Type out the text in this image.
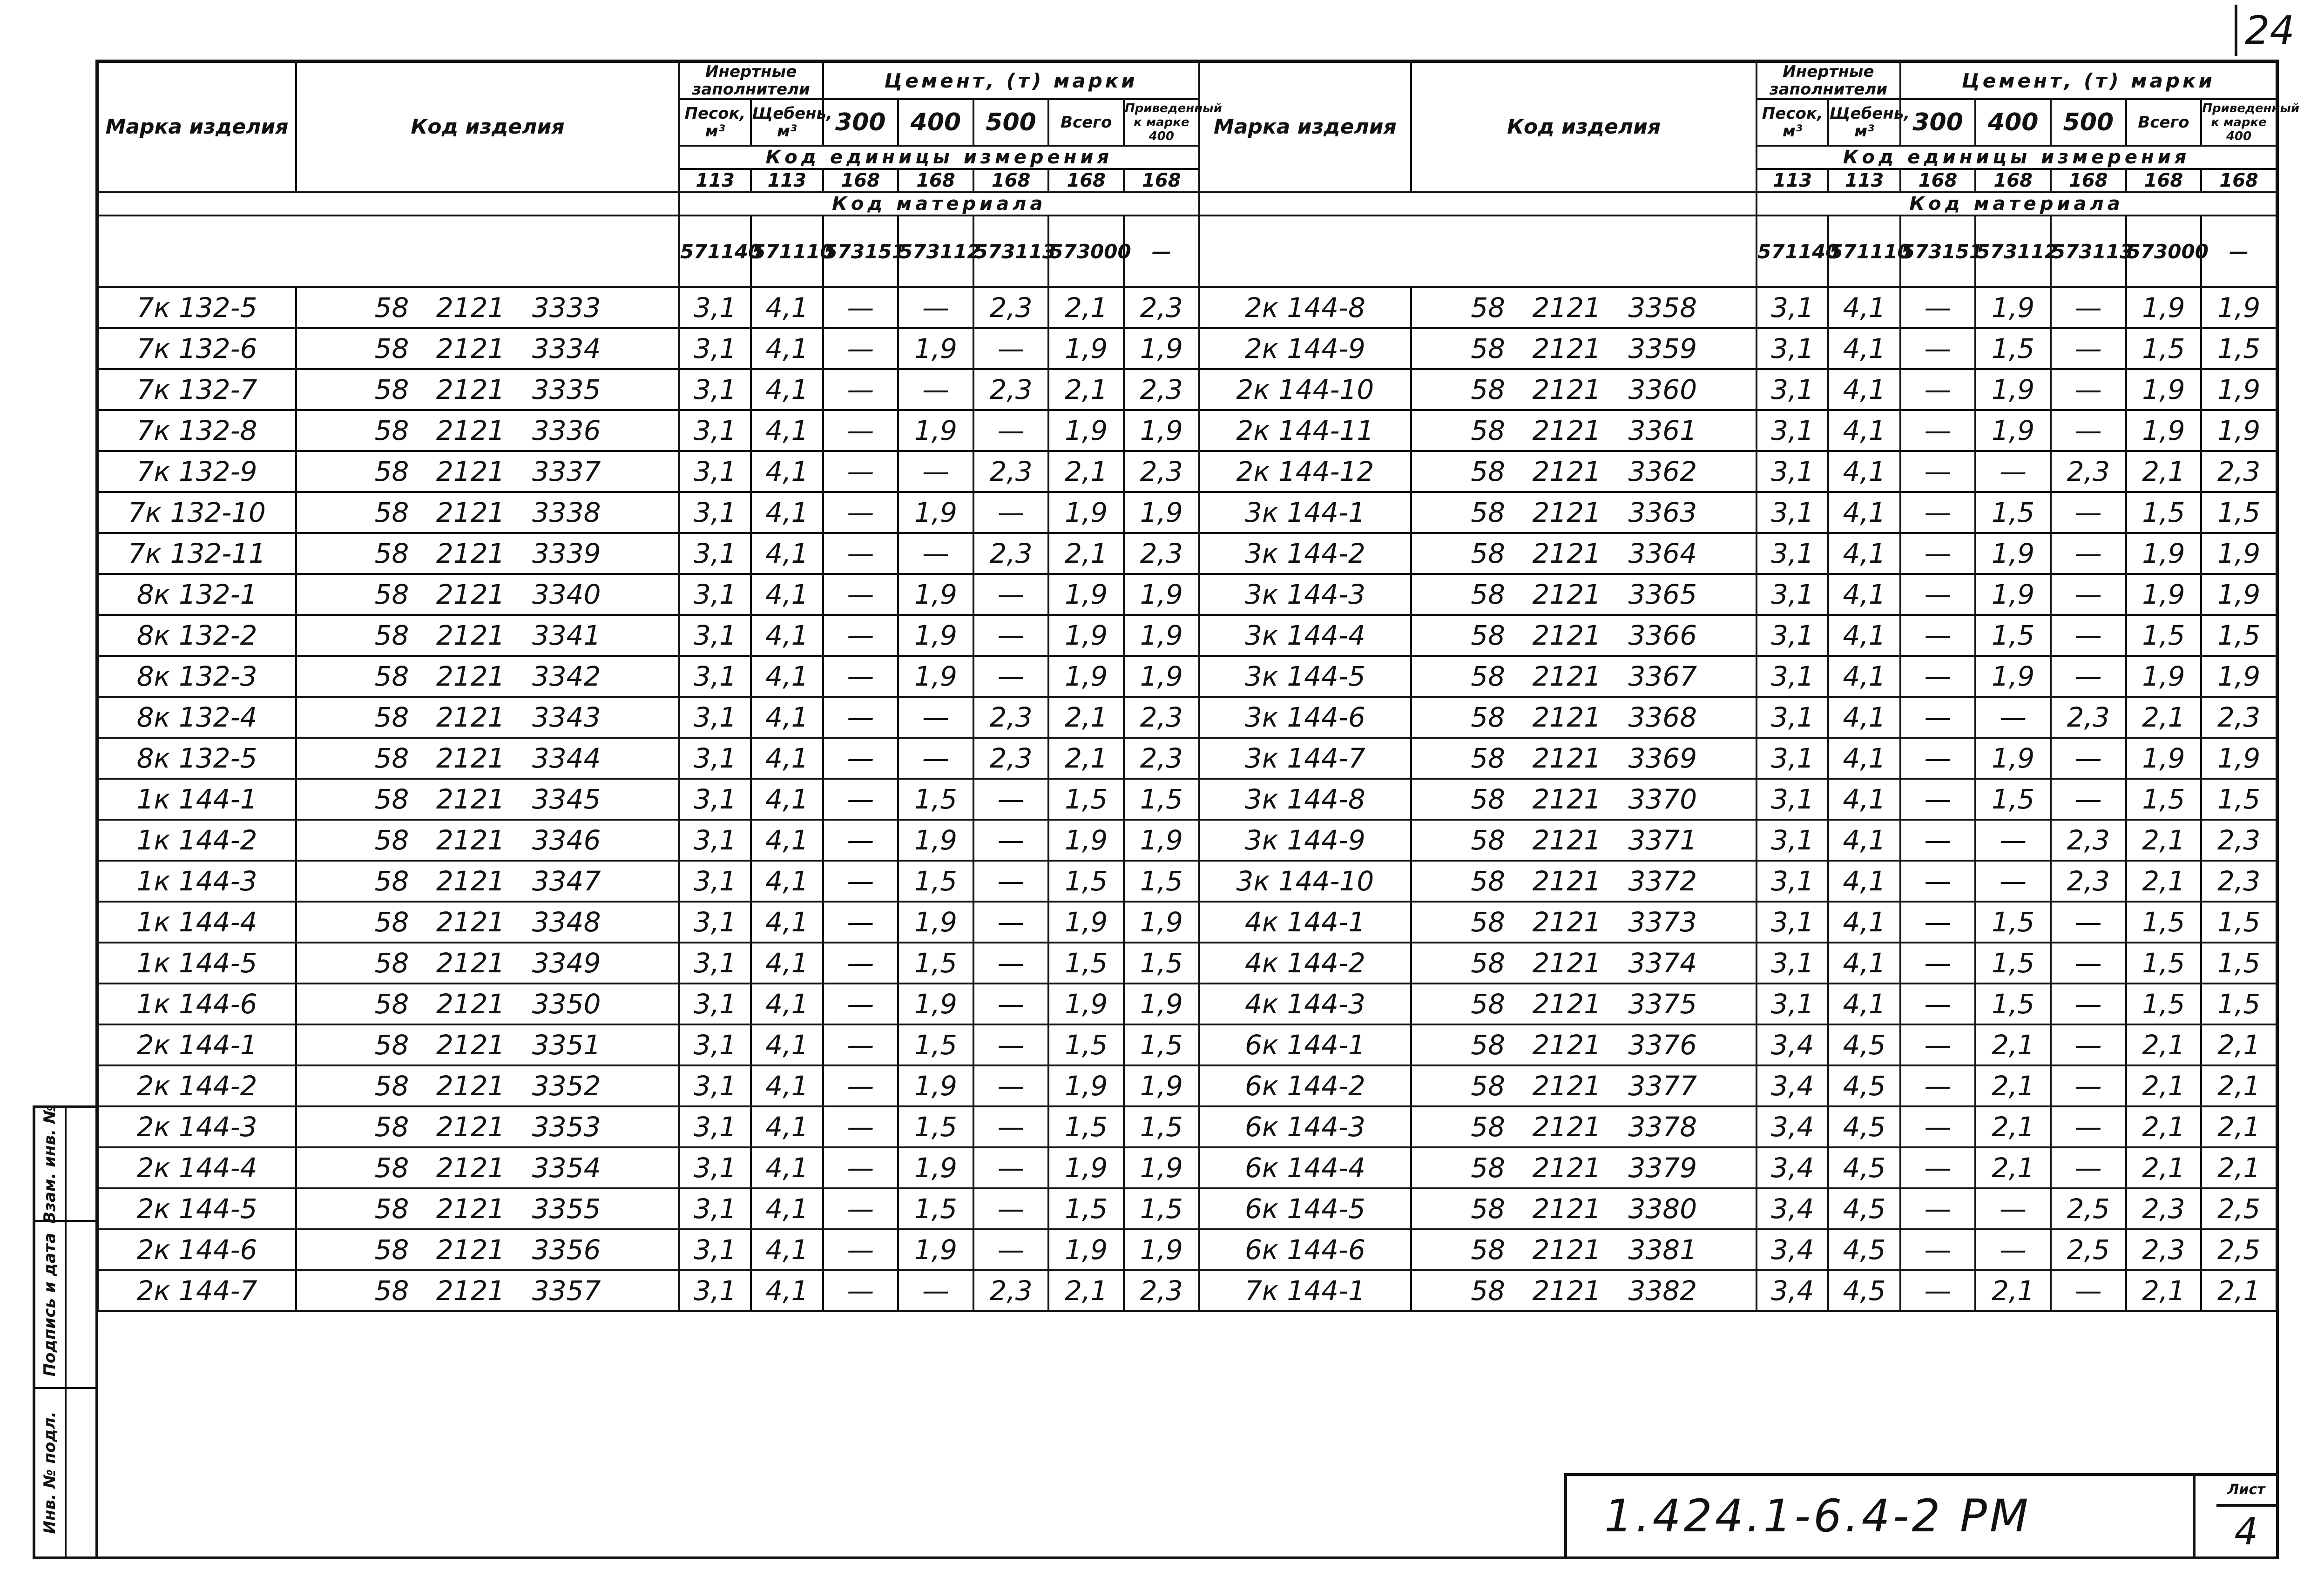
24
Марка изделия	Код изделия	Инертные заполнители		Цемент, (т) марки					Марка изделия	Код изделия	Инертные заполнители		Цемент, (т) марки				
		Песок, м³	Щебень, м³	300	400	500	Всего	Приведенный к марке 400			Песок, м³	Щебень, м³	300	400	500	Всего	Приведенный к марке 400
		Код единицы измерения									Код единицы измерения						
		113	113	168	168	168	168	168			113	113	168	168	168	168	168
		Код материала									Код материала						
		571140	571110	573151	573112	573113	573000	—			571140	571110	573151	573112	573113	573000	—
7к 132-5	58 2121 3333	3,1	4,1	—	—	2,3	2,1	2,3	2к 144-8	58 2121 3358	3,1	4,1	—	1,9	—	1,9	1,9
7к 132-6	58 2121 3334	3,1	4,1	—	1,9	—	1,9	1,9	2к 144-9	58 2121 3359	3,1	4,1	—	1,5	—	1,5	1,5
7к 132-7	58 2121 3335	3,1	4,1	—	—	2,3	2,1	2,3	2к 144-10	58 2121 3360	3,1	4,1	—	1,9	—	1,9	1,9
7к 132-8	58 2121 3336	3,1	4,1	—	1,9	—	1,9	1,9	2к 144-11	58 2121 3361	3,1	4,1	—	1,9	—	1,9	1,9
7к 132-9	58 2121 3337	3,1	4,1	—	—	2,3	2,1	2,3	2к 144-12	58 2121 3362	3,1	4,1	—	—	2,3	2,1	2,3
7к 132-10	58 2121 3338	3,1	4,1	—	1,9	—	1,9	1,9	3к 144-1	58 2121 3363	3,1	4,1	—	1,5	—	1,5	1,5
7к 132-11	58 2121 3339	3,1	4,1	—	—	2,3	2,1	2,3	3к 144-2	58 2121 3364	3,1	4,1	—	1,9	—	1,9	1,9
8к 132-1	58 2121 3340	3,1	4,1	—	1,9	—	1,9	1,9	3к 144-3	58 2121 3365	3,1	4,1	—	1,9	—	1,9	1,9
8к 132-2	58 2121 3341	3,1	4,1	—	1,9	—	1,9	1,9	3к 144-4	58 2121 3366	3,1	4,1	—	1,5	—	1,5	1,5
8к 132-3	58 2121 3342	3,1	4,1	—	1,9	—	1,9	1,9	3к 144-5	58 2121 3367	3,1	4,1	—	1,9	—	1,9	1,9
8к 132-4	58 2121 3343	3,1	4,1	—	—	2,3	2,1	2,3	3к 144-6	58 2121 3368	3,1	4,1	—	—	2,3	2,1	2,3
8к 132-5	58 2121 3344	3,1	4,1	—	—	2,3	2,1	2,3	3к 144-7	58 2121 3369	3,1	4,1	—	1,9	—	1,9	1,9
1к 144-1	58 2121 3345	3,1	4,1	—	1,5	—	1,5	1,5	3к 144-8	58 2121 3370	3,1	4,1	—	1,5	—	1,5	1,5
1к 144-2	58 2121 3346	3,1	4,1	—	1,9	—	1,9	1,9	3к 144-9	58 2121 3371	3,1	4,1	—	—	2,3	2,1	2,3
1к 144-3	58 2121 3347	3,1	4,1	—	1,5	—	1,5	1,5	3к 144-10	58 2121 3372	3,1	4,1	—	—	2,3	2,1	2,3
1к 144-4	58 2121 3348	3,1	4,1	—	1,9	—	1,9	1,9	4к 144-1	58 2121 3373	3,1	4,1	—	1,5	—	1,5	1,5
1к 144-5	58 2121 3349	3,1	4,1	—	1,5	—	1,5	1,5	4к 144-2	58 2121 3374	3,1	4,1	—	1,5	—	1,5	1,5
1к 144-6	58 2121 3350	3,1	4,1	—	1,9	—	1,9	1,9	4к 144-3	58 2121 3375	3,1	4,1	—	1,5	—	1,5	1,5
2к 144-1	58 2121 3351	3,1	4,1	—	1,5	—	1,5	1,5	6к 144-1	58 2121 3376	3,4	4,5	—	2,1	—	2,1	2,1
2к 144-2	58 2121 3352	3,1	4,1	—	1,9	—	1,9	1,9	6к 144-2	58 2121 3377	3,4	4,5	—	2,1	—	2,1	2,1
2к 144-3	58 2121 3353	3,1	4,1	—	1,5	—	1,5	1,5	6к 144-3	58 2121 3378	3,4	4,5	—	2,1	—	2,1	2,1
2к 144-4	58 2121 3354	3,1	4,1	—	1,9	—	1,9	1,9	6к 144-4	58 2121 3379	3,4	4,5	—	2,1	—	2,1	2,1
2к 144-5	58 2121 3355	3,1	4,1	—	1,5	—	1,5	1,5	6к 144-5	58 2121 3380	3,4	4,5	—	—	2,5	2,3	2,5
2к 144-6	58 2121 3356	3,1	4,1	—	1,9	—	1,9	1,9	6к 144-6	58 2121 3381	3,4	4,5	—	—	2,5	2,3	2,5
2к 144-7	58 2121 3357	3,1	4,1	—	—	2,3	2,1	2,3	7к 144-1	58 2121 3382	3,4	4,5	—	2,1	—	2,1	2,1

Взам. инв. №
Подпись и дата
Инв. № подл.	1.424.1-6.4-2 РМ
Лист
4
